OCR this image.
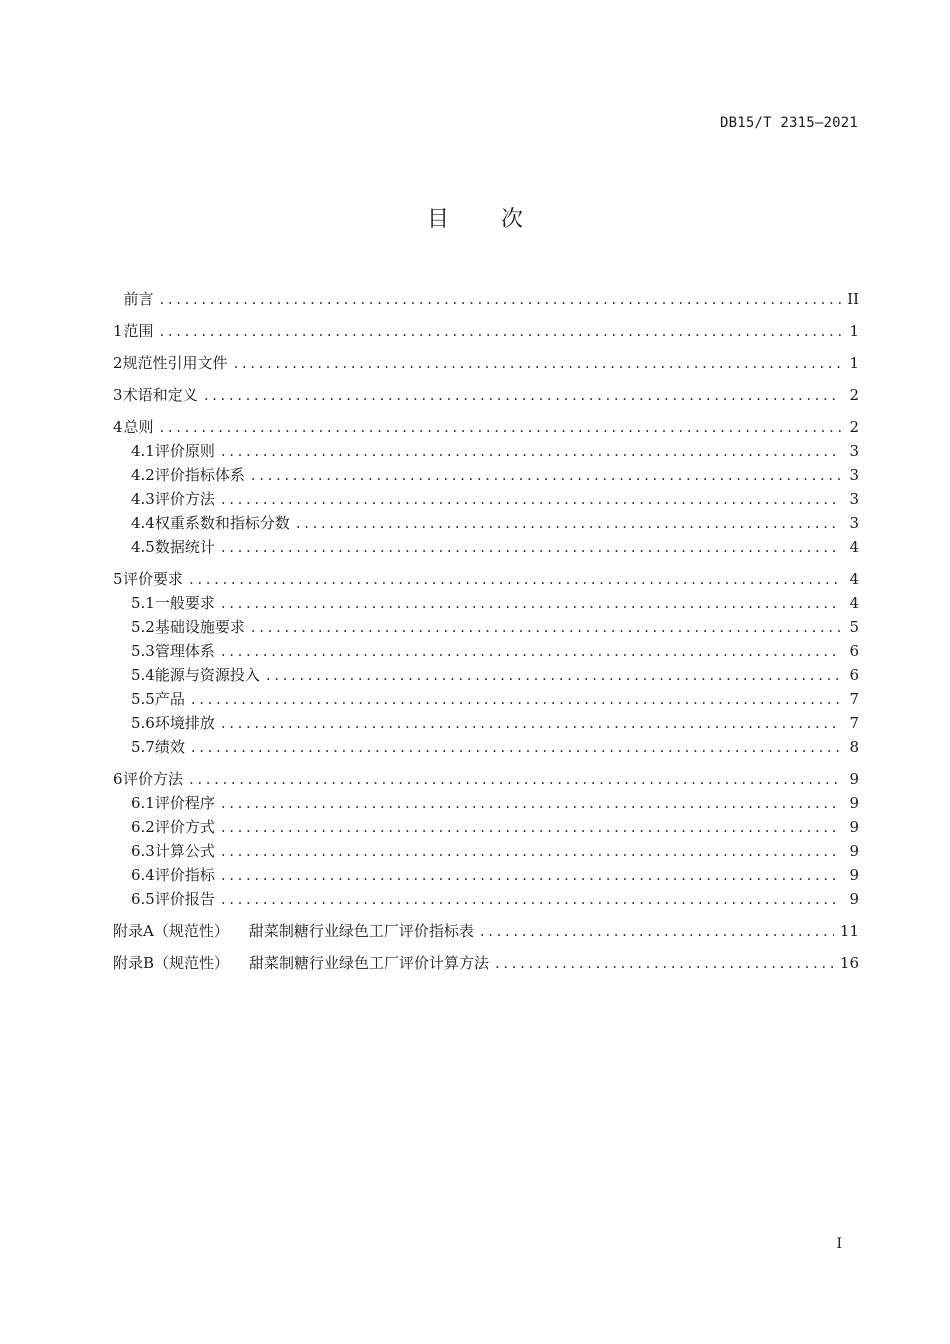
DB15/T 2315—2021
目 次
前言 .....	II
1 范围 .....	1
2 规范性引用文件 .....	1
3 术语和定义 .....	2
4 总则 .....	2
4.1 评价原则 .....	3
4.2 评价指标体系 .....	3
4.3 评价方法 .....	3
4.4 权重系数和指标分数 .....	3
4.5 数据统计 .....	4
5 评价要求 .....	4
5.1 一般要求 .....	4
5.2 基础设施要求 .....	5
5.3 管理体系 .....	6
5.4 能源与资源投入 .....	6
5.5 产品 .....	7
5.6 环境排放 .....	7
5.7 绩效 .....	8
6 评价方法 .....	9
6.1 评价程序 .....	9
6.2 评价方式 .....	9
6.3 计算公式 .....	9
6.4 评价指标 .....	9
6.5 评价报告 .....	9
附录A（规范性） 甜菜制糖行业绿色工厂评价指标表 .....	11
附录B（规范性） 甜菜制糖行业绿色工厂评价计算方法 .....	16
I
